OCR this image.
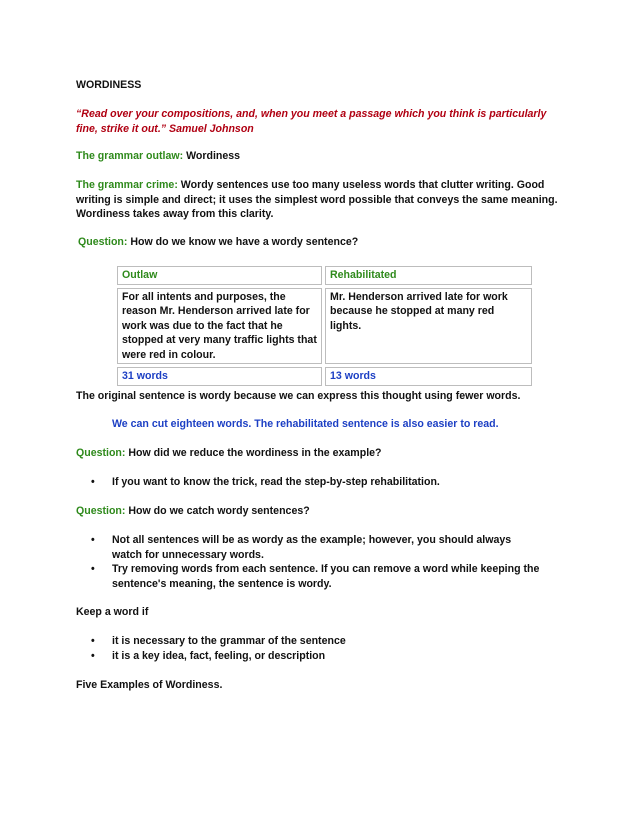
WORDINESS
“Read over your compositions, and, when you meet a passage which you think is particularly fine, strike it out.” Samuel Johnson
The grammar outlaw: Wordiness
The grammar crime: Wordy sentences use too many useless words that clutter writing. Good writing is simple and direct; it uses the simplest word possible that conveys the same meaning. Wordiness takes away from this clarity.
Question: How do we know we have a wordy sentence?
Outlaw	Rehabilitated
For all intents and purposes, the reason Mr. Henderson arrived late for work was due to the fact that he stopped at very many traffic lights that were red in colour.	Mr. Henderson arrived late for work because he stopped at many red lights.
31 words	13 words
The original sentence is wordy because we can express this thought using fewer words.
We can cut eighteen words. The rehabilitated sentence is also easier to read.
Question: How did we reduce the wordiness in the example?
• If you want to know the trick, read the step-by-step rehabilitation.
Question: How do we catch wordy sentences?
• Not all sentences will be as wordy as the example; however, you should always watch for unnecessary words.
• Try removing words from each sentence. If you can remove a word while keeping the sentence's meaning, the sentence is wordy.
Keep a word if
• it is necessary to the grammar of the sentence
• it is a key idea, fact, feeling, or description
Five Examples of Wordiness.
